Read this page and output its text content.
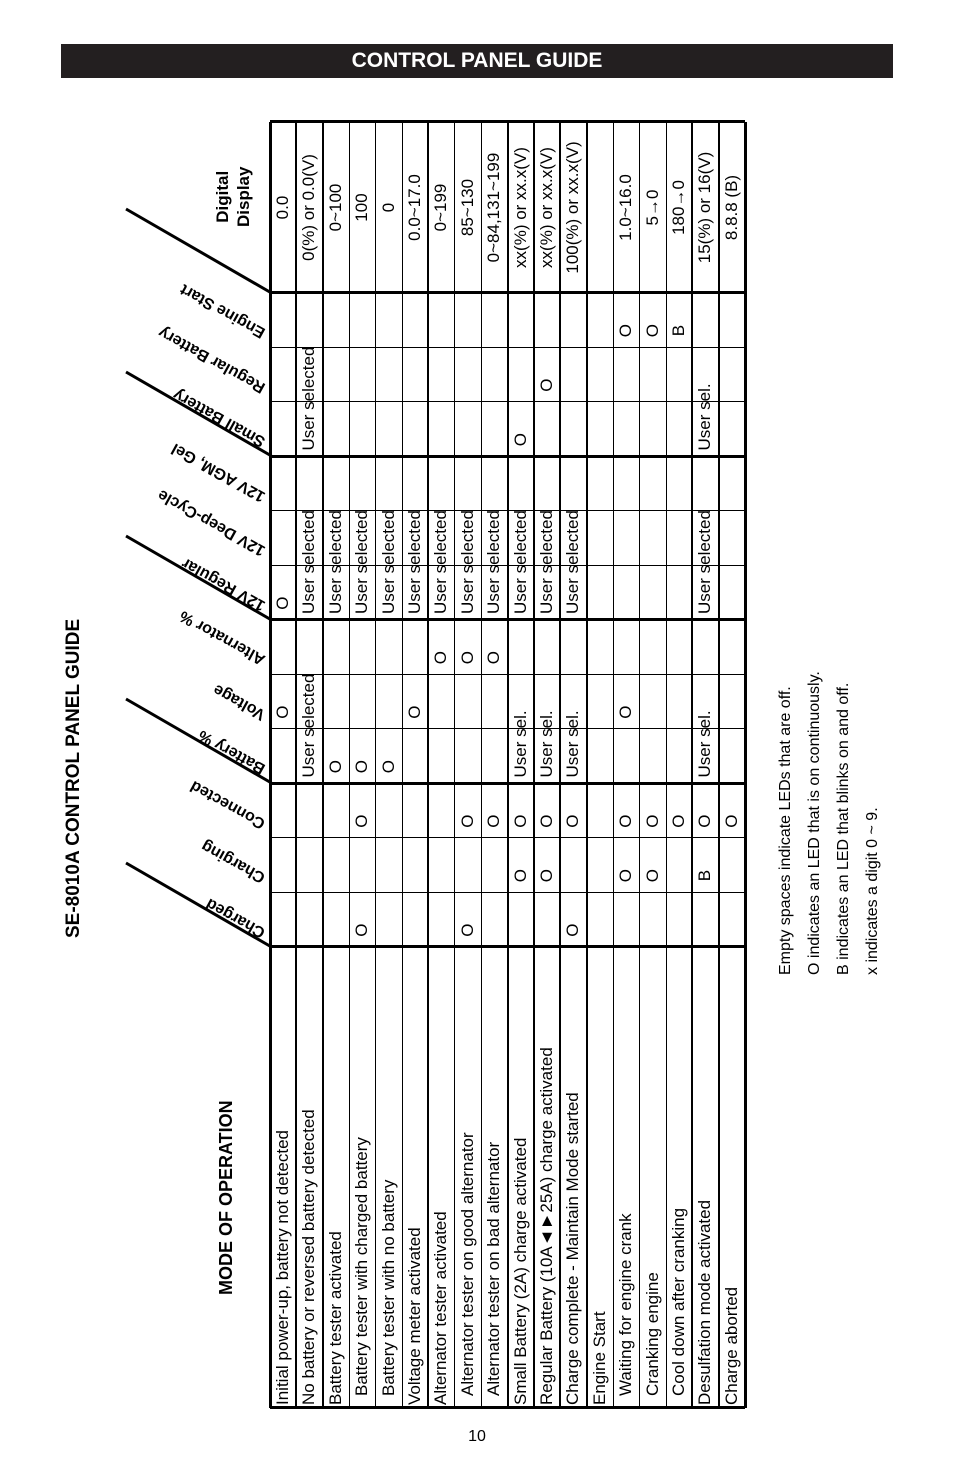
CONTROL PANEL GUIDE
SE-8010A CONTROL PANEL GUIDE
MODE OF OPERATION
Digital Display
Initial power-up, battery not detected
O
O
0.0
No battery or reversed battery detected
User selected
User selected
User selected
0(%) or 0.0(V)
Battery tester activated
O
User selected
0~100
Battery tester with charged battery
O
O
O
User selected
100
Battery tester with no battery
O
User selected
0
Voltage meter activated
O
User selected
0.0~17.0
Alternator tester activated
O
User selected
0~199
Alternator tester on good alternator
O
O
O
User selected
85~130
Alternator tester on bad alternator
O
O
User selected
0~84,131~199
Small Battery (2A) charge activated
O
O
User sel.
User selected
O
xx(%) or xx.x(V)
Regular Battery (10A◄►25A) charge activated
O
O
User sel.
User selected
O
xx(%) or xx.x(V)
Charge complete - Maintain Mode started
O
O
User sel.
User selected
100(%) or xx.x(V)
Engine Start Waiting for engine crank
O
O
O
O
1.0~16.0
Cranking engine
O
O
O
5→0
Cool down after cranking
O
B
180→0
Desulfation mode activated
B
O
User sel.
User selected
User sel.
15(%) or 16(V)
Charge aborted
O
8.8.8 (B)
Charged
Charging
Connected
Battery %
Voltage
Alternator %
12V Regular
12V Deep-Cycle
12V AGM, Gel
Small Battery
Regular Battery
Engine Start
Empty spaces indicate LEDs that are off. O indicates an LED that is on continuously. B indicates an LED that blinks on and off. x indicates a digit 0 ~ 9.
10
